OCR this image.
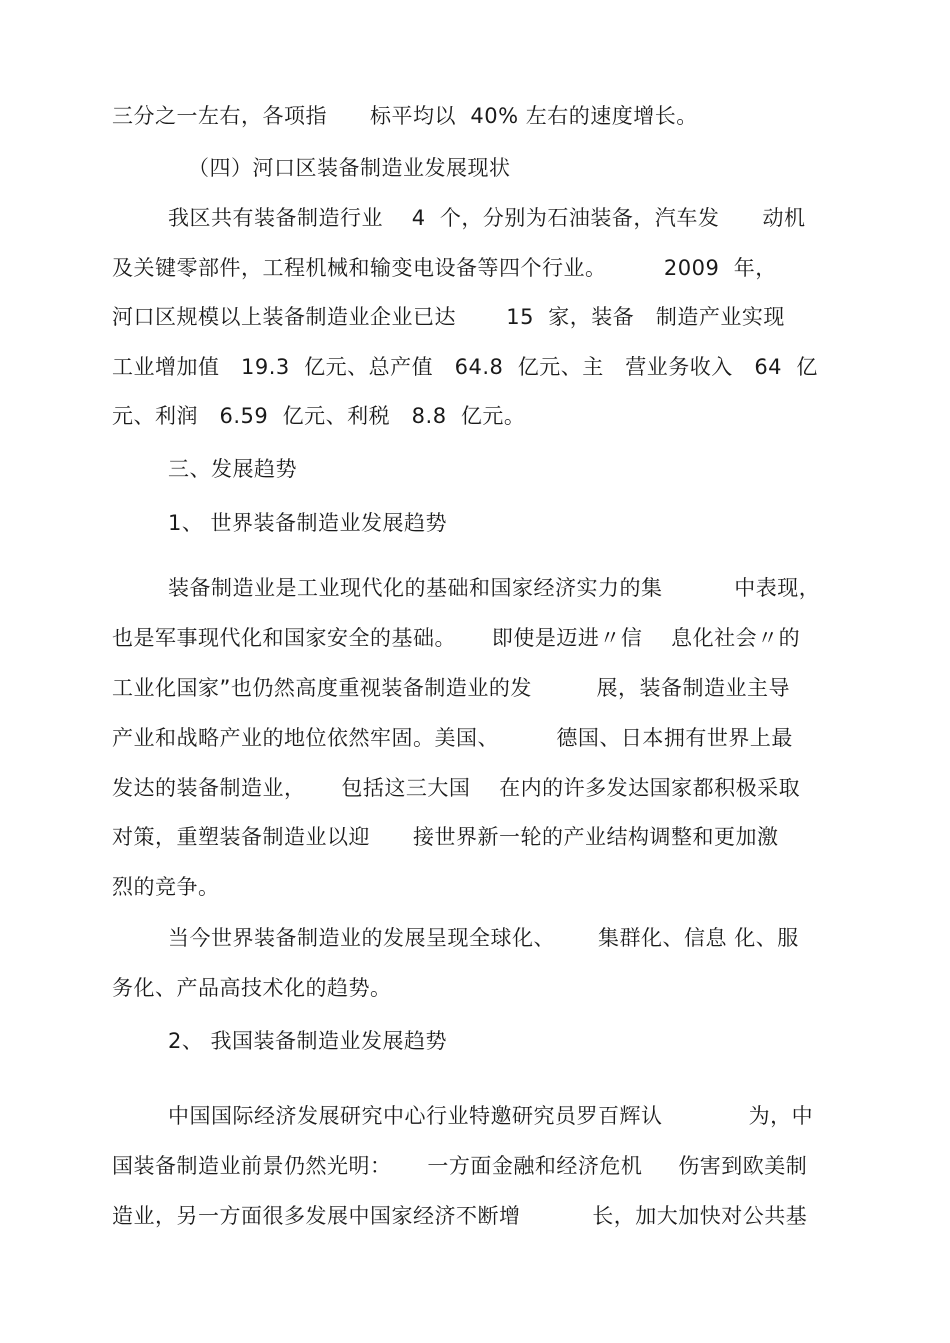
三分之一左右，各项指      标平均以  40% 左右的速度增长。
（四）河口区装备制造业发展现状
我区共有装备制造行业    4  个，分别为石油装备，汽车发      动机
及关键零部件，工程机械和输变电设备等四个行业。        2009  年，
河口区规模以上装备制造业企业已达       15  家，装备   制造产业实现
工业增加值   19.3  亿元、总产值   64.8  亿元、主   营业务收入   64  亿
元、利润   6.59  亿元、利税   8.8  亿元。
三、发展趋势
1、 世界装备制造业发展趋势
装备制造业是工业现代化的基础和国家经济实力的集          中表现，
也是军事现代化和国家安全的基础。     即使是迈进〃信    息化社会〃的
工业化国家”也仍然高度重视装备制造业的发         展，装备制造业主导
产业和战略产业的地位依然牢固。美国、        德国、日本拥有世界上最
发达的装备制造业，     包括这三大国    在内的许多发达国家都积极采取
对策，重塑装备制造业以迎      接世界新一轮的产业结构调整和更加激
烈的竞争。
当今世界装备制造业的发展呈现全球化、      集群化、信息 化、服
务化、产品高技术化的趋势。
2、 我国装备制造业发展趋势
中国国际经济发展研究中心行业特邀研究员罗百辉认            为，中
国装备制造业前景仍然光明：     一方面金融和经济危机     伤害到欧美制
造业，另一方面很多发展中国家经济不断增          长，加大加快对公共基
